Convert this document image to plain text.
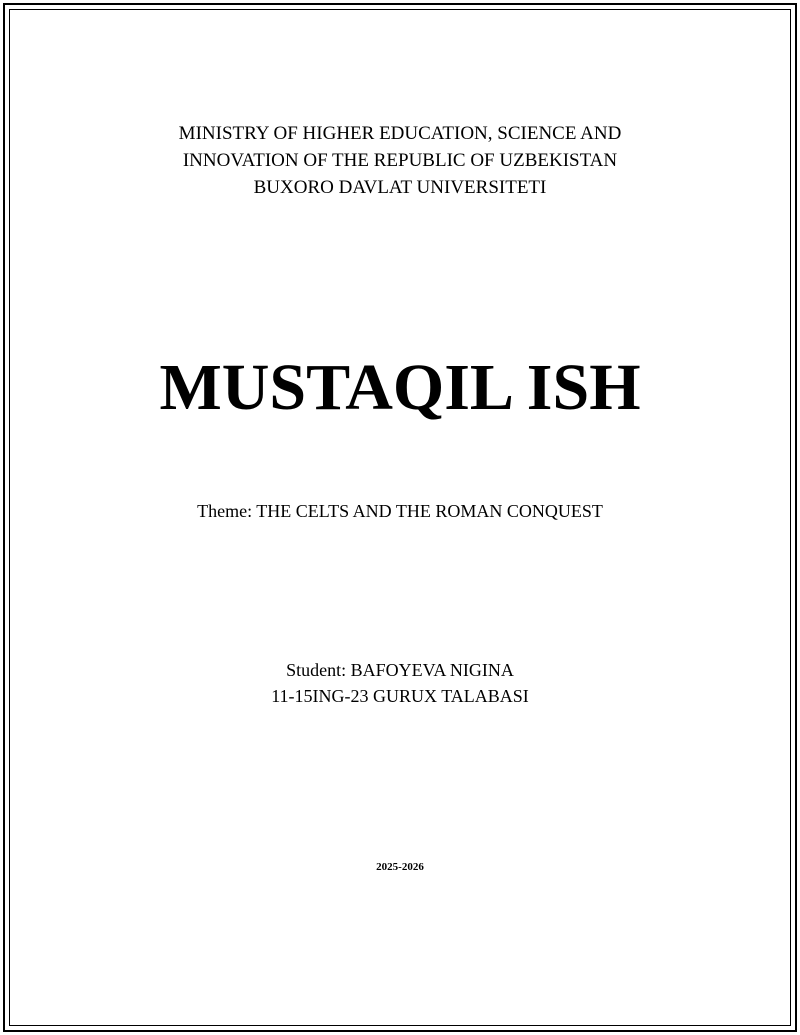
MINISTRY OF HIGHER EDUCATION, SCIENCE AND
INNOVATION OF THE REPUBLIC OF UZBEKISTAN
BUXORO DAVLAT UNIVERSITETI
MUSTAQIL ISH
Theme: THE CELTS AND THE ROMAN CONQUEST
Student: BAFOYEVA NIGINA
11-15ING-23 GURUX TALABASI
2025-2026
